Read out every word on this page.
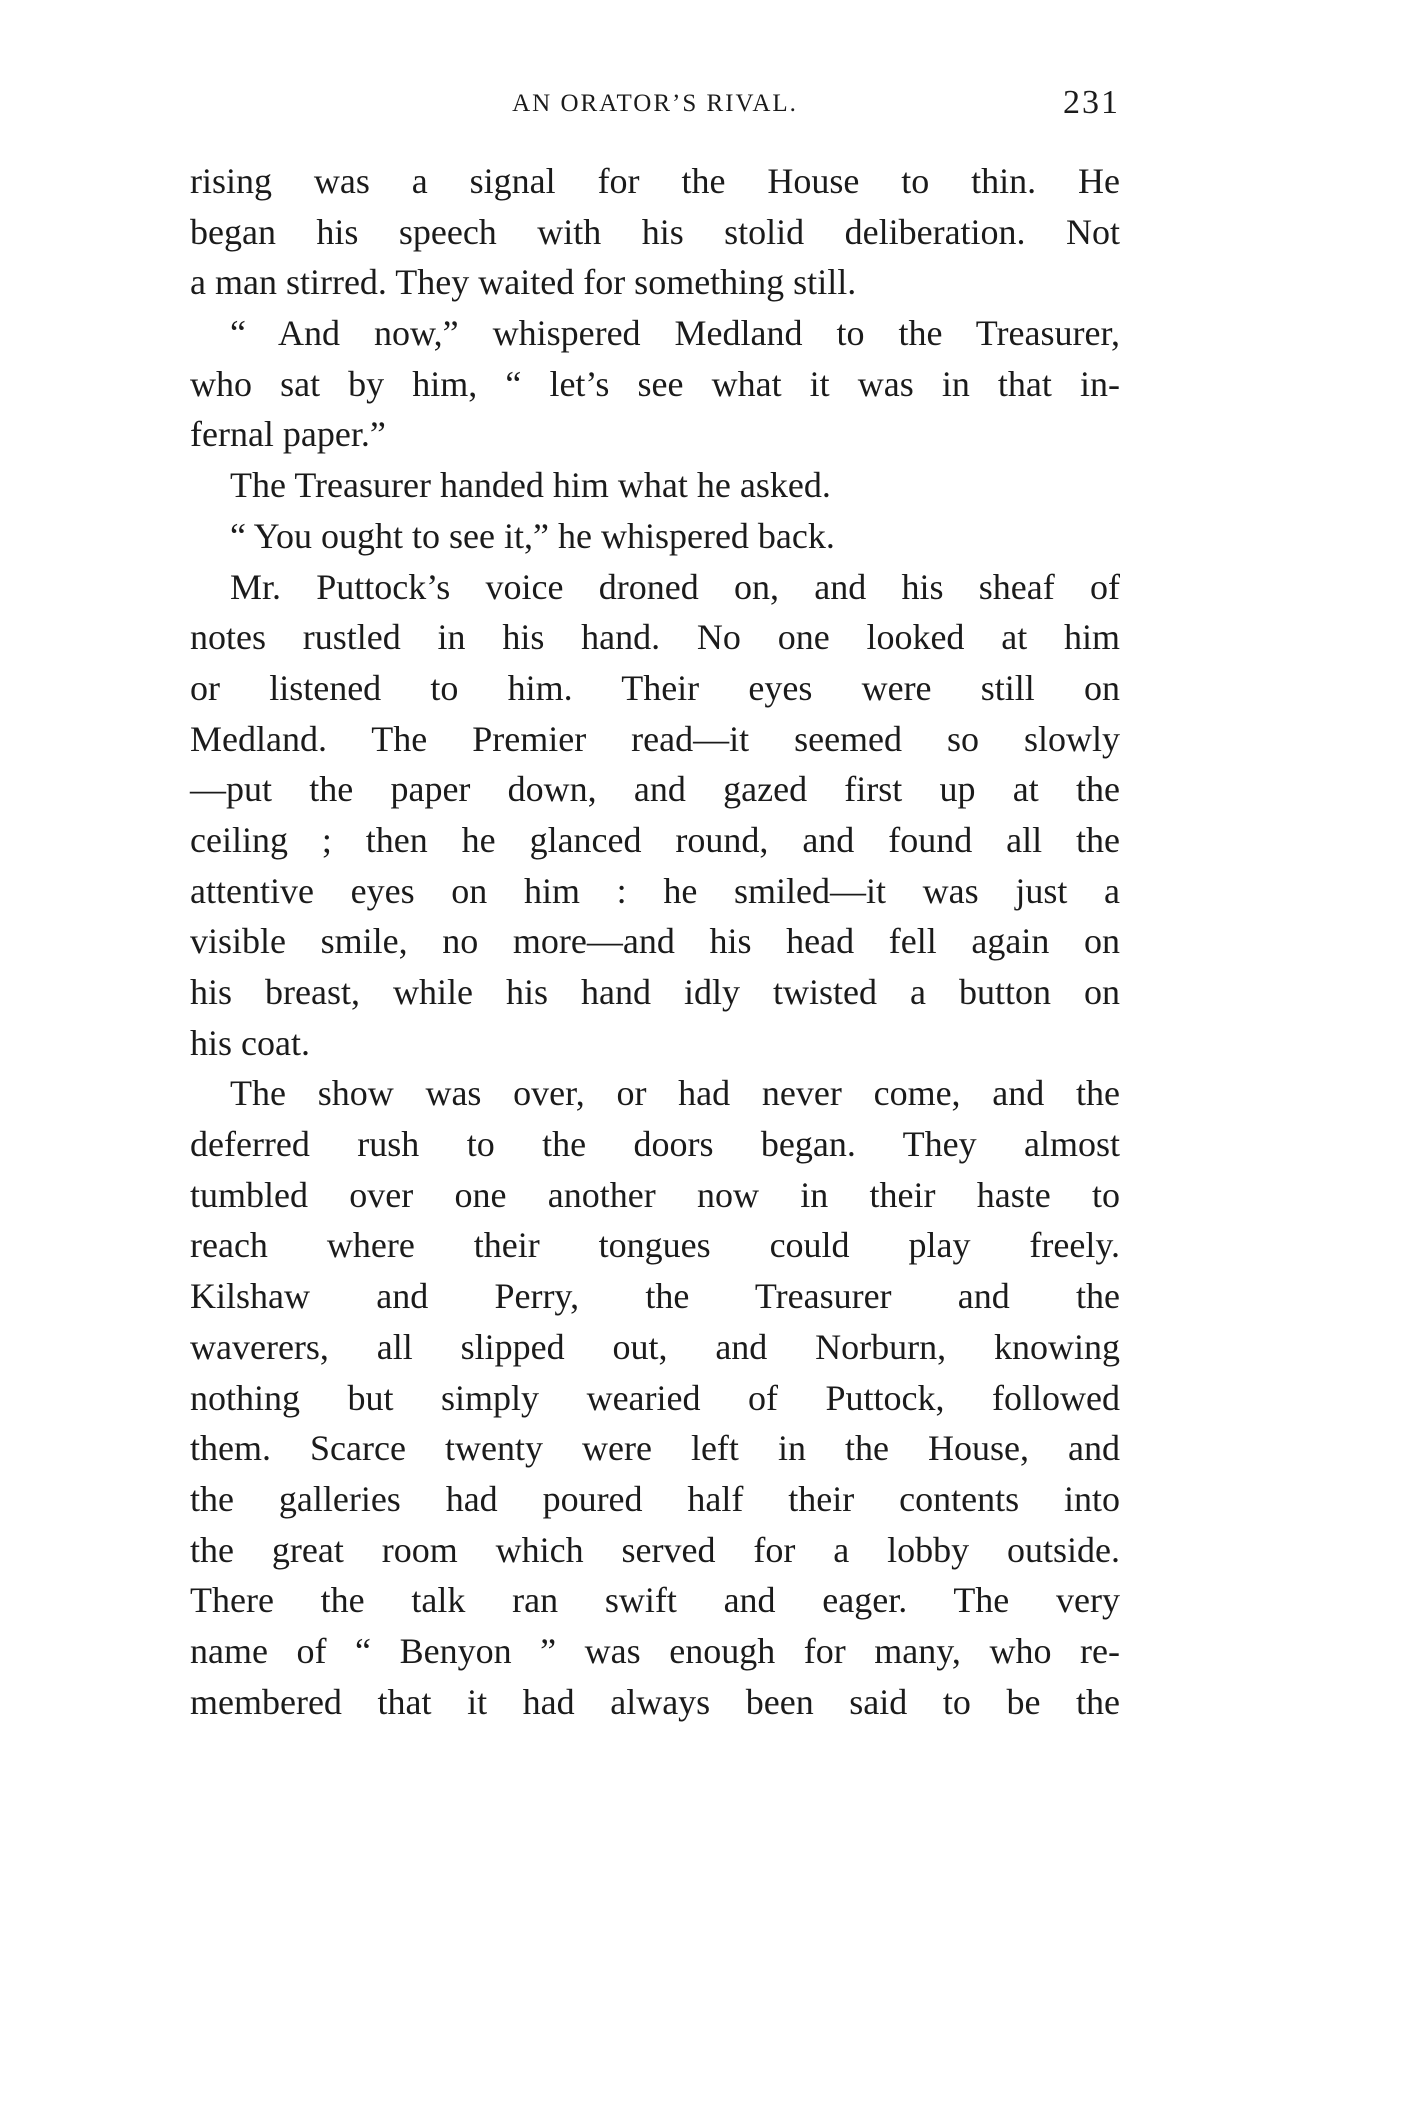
AN ORATOR’S RIVAL.	231
rising was a signal for the House to thin. He
began his speech with his stolid deliberation. Not
a man stirred. They waited for something still.
“ And now,” whispered Medland to the Treasurer,
who sat by him, “ let’s see what it was in that in-
fernal paper.”
The Treasurer handed him what he asked.
“ You ought to see it,” he whispered back.
Mr. Puttock’s voice droned on, and his sheaf of
notes rustled in his hand. No one looked at him
or listened to him. Their eyes were still on
Medland. The Premier read—it seemed so slowly
—put the paper down, and gazed first up at the
ceiling ; then he glanced round, and found all the
attentive eyes on him : he smiled—it was just a
visible smile, no more—and his head fell again on
his breast, while his hand idly twisted a button on
his coat.
The show was over, or had never come, and the
deferred rush to the doors began. They almost
tumbled over one another now in their haste to
reach where their tongues could play freely.
Kilshaw and Perry, the Treasurer and the
waverers, all slipped out, and Norburn, knowing
nothing but simply wearied of Puttock, followed
them. Scarce twenty were left in the House, and
the galleries had poured half their contents into
the great room which served for a lobby outside.
There the talk ran swift and eager. The very
name of “ Benyon ” was enough for many, who re-
membered that it had always been said to be the
